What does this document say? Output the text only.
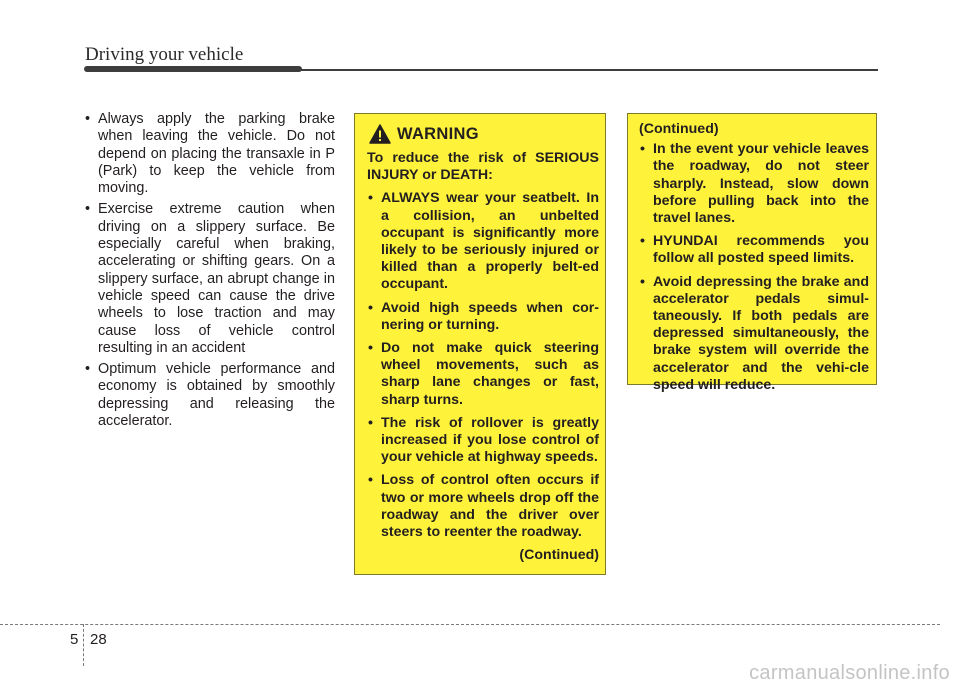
Driving your vehicle
• Always apply the parking brake when leaving the vehicle. Do not depend on placing the transaxle in P (Park) to keep the vehicle from moving.
• Exercise extreme caution when driving on a slippery surface. Be especially careful when braking, accelerating or shifting gears. On a slippery surface, an abrupt change in vehicle speed can cause the drive wheels to lose traction and may cause loss of vehicle control resulting in an accident
• Optimum vehicle performance and economy is obtained by smoothly depressing and releasing the accelerator.
WARNING
To reduce the risk of SERIOUS INJURY or DEATH:
• ALWAYS wear your seatbelt. In a collision, an unbelted occupant is significantly more likely to be seriously injured or killed than a properly belt-ed occupant.
• Avoid high speeds when cor-nering or turning.
• Do not make quick steering wheel movements, such as sharp lane changes or fast, sharp turns.
• The risk of rollover is greatly increased if you lose control of your vehicle at highway speeds.
• Loss of control often occurs if two or more wheels drop off the roadway and the driver over steers to reenter the roadway.
(Continued)
(Continued)
• In the event your vehicle leaves the roadway, do not steer sharply. Instead, slow down before pulling back into the travel lanes.
• HYUNDAI recommends you follow all posted speed limits.
• Avoid depressing the brake and accelerator pedals simul-taneously. If both pedals are depressed simultaneously, the brake system will override the accelerator and the vehi-cle speed will reduce.
5 28
carmanualsonline.info
